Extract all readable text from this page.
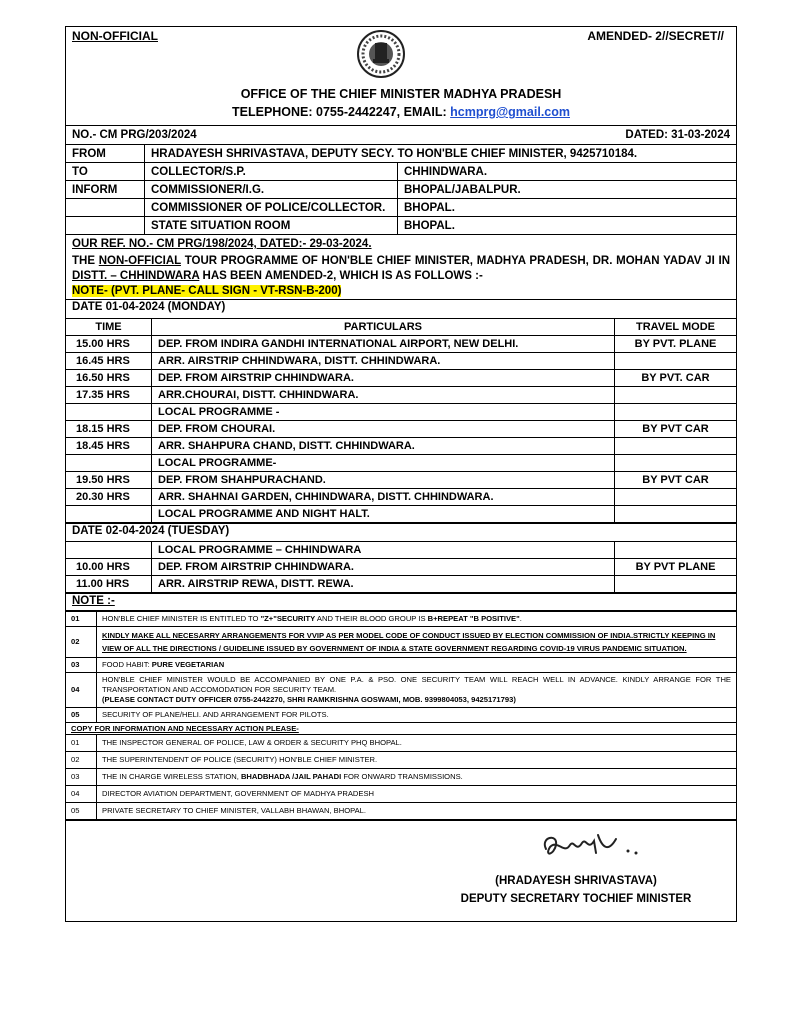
NON-OFFICIAL	AMENDED- 2//SECRET//
OFFICE OF THE CHIEF MINISTER MADHYA PRADESH
TELEPHONE: 0755-2442247, EMAIL: hcmprg@gmail.com
NO.- CM PRG/203/2024	DATED: 31-03-2024
FROM	HRADAYESH SHRIVASTAVA, DEPUTY SECY. TO HON'BLE CHIEF MINISTER, 9425710184.	
TO	COLLECTOR/S.P.	CHHINDWARA.
INFORM	COMMISSIONER/I.G.	BHOPAL/JABALPUR.
	COMMISSIONER OF POLICE/COLLECTOR.	BHOPAL.
	STATE SITUATION ROOM	BHOPAL.
OUR REF. NO.- CM PRG/198/2024, DATED:- 29-03-2024.
THE NON-OFFICIAL TOUR PROGRAMME OF HON'BLE CHIEF MINISTER, MADHYA PRADESH, DR. MOHAN YADAV JI IN DISTT. – CHHINDWARA HAS BEEN AMENDED-2, WHICH IS AS FOLLOWS :-
NOTE- (PVT. PLANE- CALL SIGN - VT-RSN-B-200)
DATE 01-04-2024 (MONDAY)
TIME	PARTICULARS	TRAVEL MODE
15.00 HRS	DEP. FROM INDIRA GANDHI INTERNATIONAL AIRPORT, NEW DELHI.	BY PVT. PLANE
16.45 HRS	ARR. AIRSTRIP CHHINDWARA, DISTT. CHHINDWARA.	
16.50 HRS	DEP. FROM AIRSTRIP CHHINDWARA.	BY PVT. CAR
17.35 HRS	ARR.CHOURAI, DISTT. CHHINDWARA.	
	LOCAL PROGRAMME -	
18.15 HRS	DEP. FROM CHOURAI.	BY PVT CAR
18.45 HRS	ARR. SHAHPURA CHAND, DISTT. CHHINDWARA.	
	LOCAL PROGRAMME-	
19.50 HRS	DEP. FROM SHAHPURACHAND.	BY PVT CAR
20.30 HRS	ARR. SHAHNAI GARDEN, CHHINDWARA, DISTT. CHHINDWARA.	
	LOCAL PROGRAMME AND NIGHT HALT.	
DATE 02-04-2024 (TUESDAY)
	LOCAL PROGRAMME – CHHINDWARA	
10.00 HRS	DEP. FROM AIRSTRIP CHHINDWARA.	BY PVT PLANE
11.00 HRS	ARR. AIRSTRIP REWA, DISTT. REWA.	
NOTE :-
01	HON'BLE CHIEF MINISTER IS ENTITLED TO "Z+"SECURITY AND THEIR BLOOD GROUP IS B+REPEAT "B POSITIVE".
02	KINDLY MAKE ALL NECESARRY ARRANGEMENTS FOR VVIP AS PER MODEL CODE OF CONDUCT ISSUED BY ELECTION COMMISSION OF INDIA.STRICTLY KEEPING IN VIEW OF ALL THE DIRECTIONS / GUIDELINE ISSUED BY GOVERNMENT OF INDIA & STATE GOVERNMENT REGARDING COVID-19 VIRUS PANDEMIC SITUATION.
03	FOOD HABIT: PURE VEGETARIAN
04	HON'BLE CHIEF MINISTER WOULD BE ACCOMPANIED BY ONE P.A. & PSO. ONE SECURITY TEAM WILL REACH WELL IN ADVANCE. KINDLY ARRANGE FOR THE TRANSPORTATION AND ACCOMODATION FOR SECURITY TEAM.
(PLEASE CONTACT DUTY OFFICER 0755-2442270, SHRI RAMKRISHNA GOSWAMI, MOB. 9399804053, 9425171793)

05	SECURITY OF PLANE/HELI. AND ARRANGEMENT FOR PILOTS.
COPY FOR INFORMATION AND NECESSARY ACTION PLEASE-
01	THE INSPECTOR GENERAL OF POLICE, LAW & ORDER & SECURITY PHQ BHOPAL.
02	THE SUPERINTENDENT OF POLICE (SECURITY) HON'BLE CHIEF MINISTER.
03	THE IN CHARGE WIRELESS STATION, BHADBHADA /JAIL PAHADI FOR ONWARD TRANSMISSIONS.
04	DIRECTOR AVIATION DEPARTMENT, GOVERNMENT OF MADHYA PRADESH
05	PRIVATE SECRETARY TO CHIEF MINISTER, VALLABH BHAWAN, BHOPAL.
(HRADAYESH SHRIVASTAVA)
DEPUTY SECRETARY TOCHIEF MINISTER
